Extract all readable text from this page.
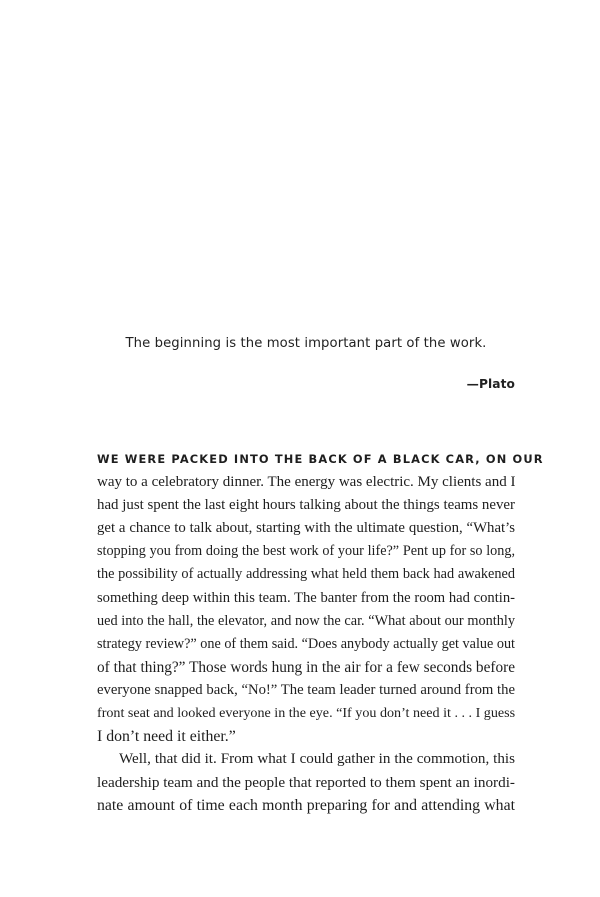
The beginning is the most important part of the work.

—Plato

WE WERE PACKED INTO THE BACK OF A BLACK CAR, ON OUR
way to a celebratory dinner. The energy was electric. My clients and I
had just spent the last eight hours talking about the things teams never
get a chance to talk about, starting with the ultimate question, “What’s
stopping you from doing the best work of your life?” Pent up for so long,
the possibility of actually addressing what held them back had awakened
something deep within this team. The banter from the room had contin-
ued into the hall, the elevator, and now the car. “What about our monthly
strategy review?” one of them said. “Does anybody actually get value out
of that thing?” Those words hung in the air for a few seconds before
everyone snapped back, “No!” The team leader turned around from the
front seat and looked everyone in the eye. “If you don’t need it . . . I guess
I don’t need it either.”
Well, that did it. From what I could gather in the commotion, this
leadership team and the people that reported to them spent an inordi-
nate amount of time each month preparing for and attending what
